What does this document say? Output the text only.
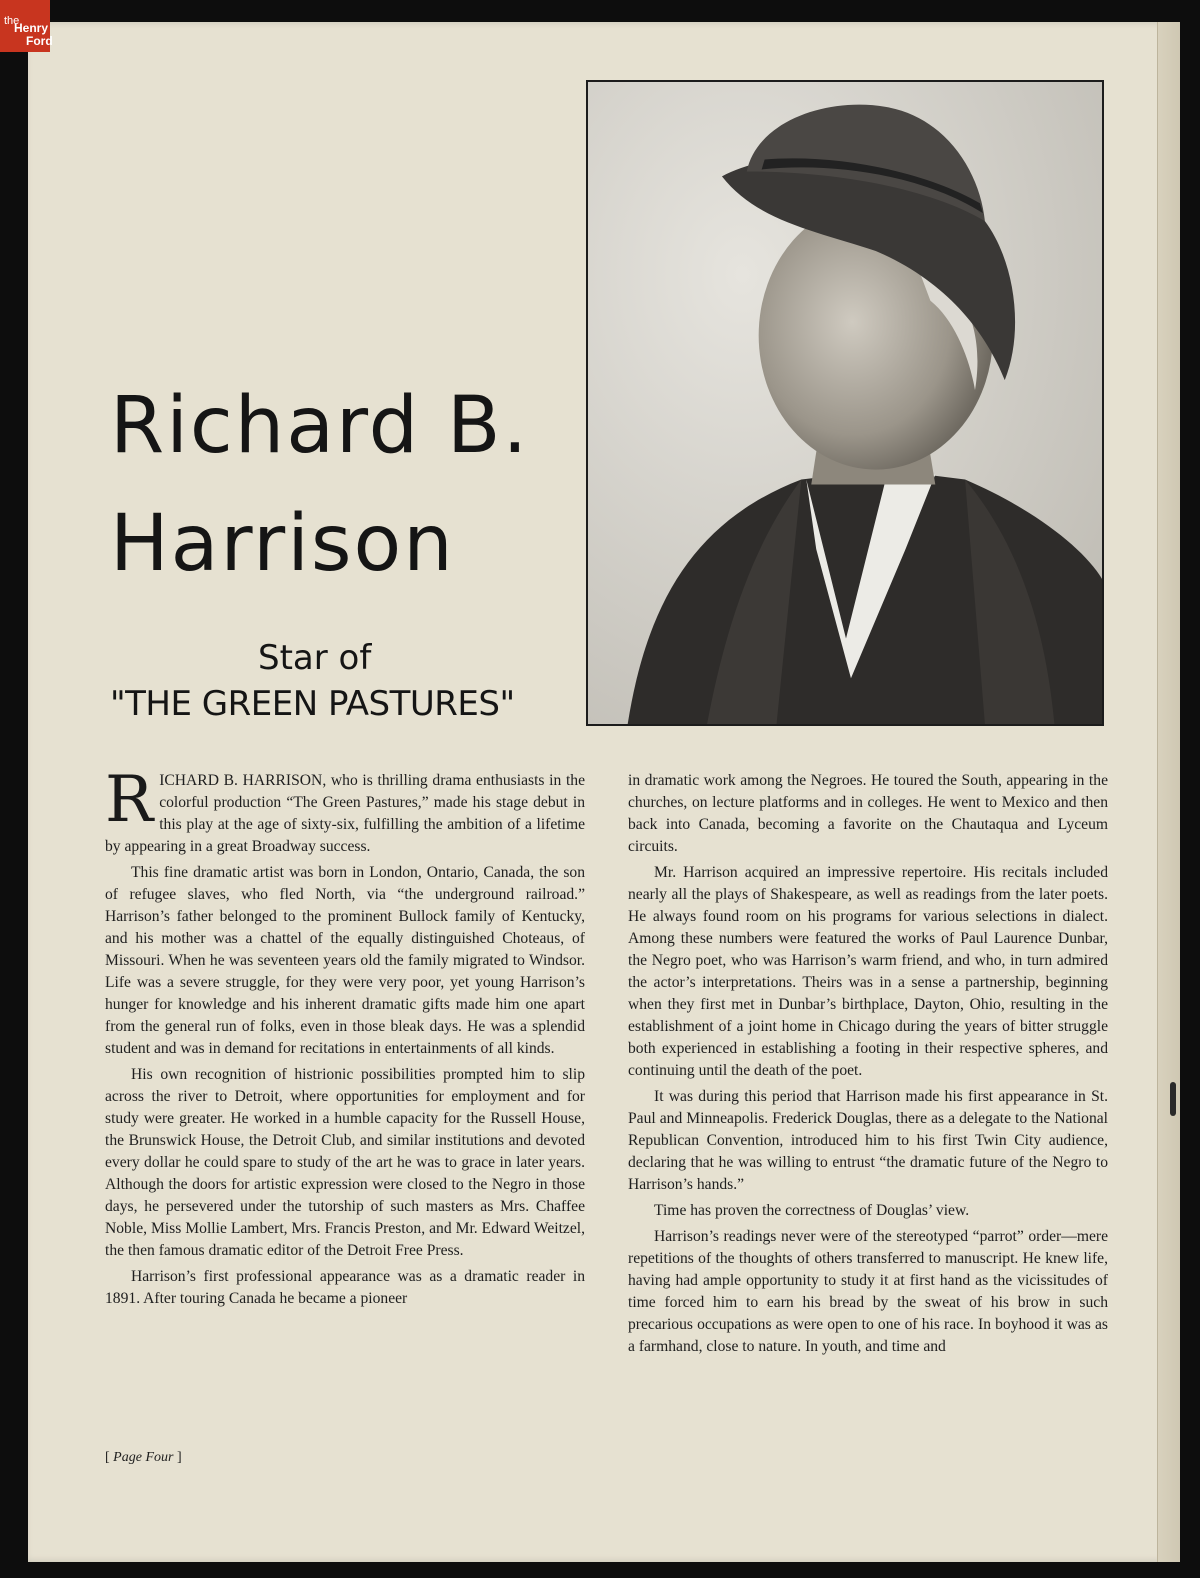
the
Henry
Ford
Richard B.
Harrison
Star of
"THE GREEN PASTURES"

RICHARD B. HARRISON, who is thrilling drama enthusiasts in the colorful production “The Green Pastures,” made his stage debut in this play at the age of sixty-six, fulfilling the ambition of a lifetime by appearing in a great Broadway success.

This fine dramatic artist was born in London, Ontario, Canada, the son of refugee slaves, who fled North, via “the underground railroad.” Harrison’s father belonged to the prominent Bullock family of Kentucky, and his mother was a chattel of the equally distinguished Choteaus, of Missouri. When he was seventeen years old the family migrated to Windsor. Life was a severe struggle, for they were very poor, yet young Harrison’s hunger for knowledge and his inherent dramatic gifts made him one apart from the general run of folks, even in those bleak days. He was a splendid student and was in demand for recitations in entertainments of all kinds.

His own recognition of histrionic possibilities prompted him to slip across the river to Detroit, where opportunities for employment and for study were greater. He worked in a humble capacity for the Russell House, the Brunswick House, the Detroit Club, and similar institutions and devoted every dollar he could spare to study of the art he was to grace in later years. Although the doors for artistic expression were closed to the Negro in those days, he persevered under the tutorship of such masters as Mrs. Chaffee Noble, Miss Mollie Lambert, Mrs. Francis Preston, and Mr. Edward Weitzel, the then famous dramatic editor of the Detroit Free Press.

Harrison’s first professional appearance was as a dramatic reader in 1891. After touring Canada he became a pioneer

in dramatic work among the Negroes. He toured the South, appearing in the churches, on lecture platforms and in colleges. He went to Mexico and then back into Canada, becoming a favorite on the Chautaqua and Lyceum circuits.

Mr. Harrison acquired an impressive repertoire. His recitals included nearly all the plays of Shakespeare, as well as readings from the later poets. He always found room on his programs for various selections in dialect. Among these numbers were featured the works of Paul Laurence Dunbar, the Negro poet, who was Harrison’s warm friend, and who, in turn admired the actor’s interpretations. Theirs was in a sense a partnership, beginning when they first met in Dunbar’s birthplace, Dayton, Ohio, resulting in the establishment of a joint home in Chicago during the years of bitter struggle both experienced in establishing a footing in their respective spheres, and continuing until the death of the poet.

It was during this period that Harrison made his first appearance in St. Paul and Minneapolis. Frederick Douglas, there as a delegate to the National Republican Convention, introduced him to his first Twin City audience, declaring that he was willing to entrust “the dramatic future of the Negro to Harrison’s hands.”

Time has proven the correctness of Douglas’ view.

Harrison’s readings never were of the stereotyped “parrot” order—mere repetitions of the thoughts of others transferred to manuscript. He knew life, having had ample opportunity to study it at first hand as the vicissitudes of time forced him to earn his bread by the sweat of his brow in such precarious occupations as were open to one of his race. In boyhood it was as a farmhand, close to nature. In youth, and time and

[ Page Four ]
